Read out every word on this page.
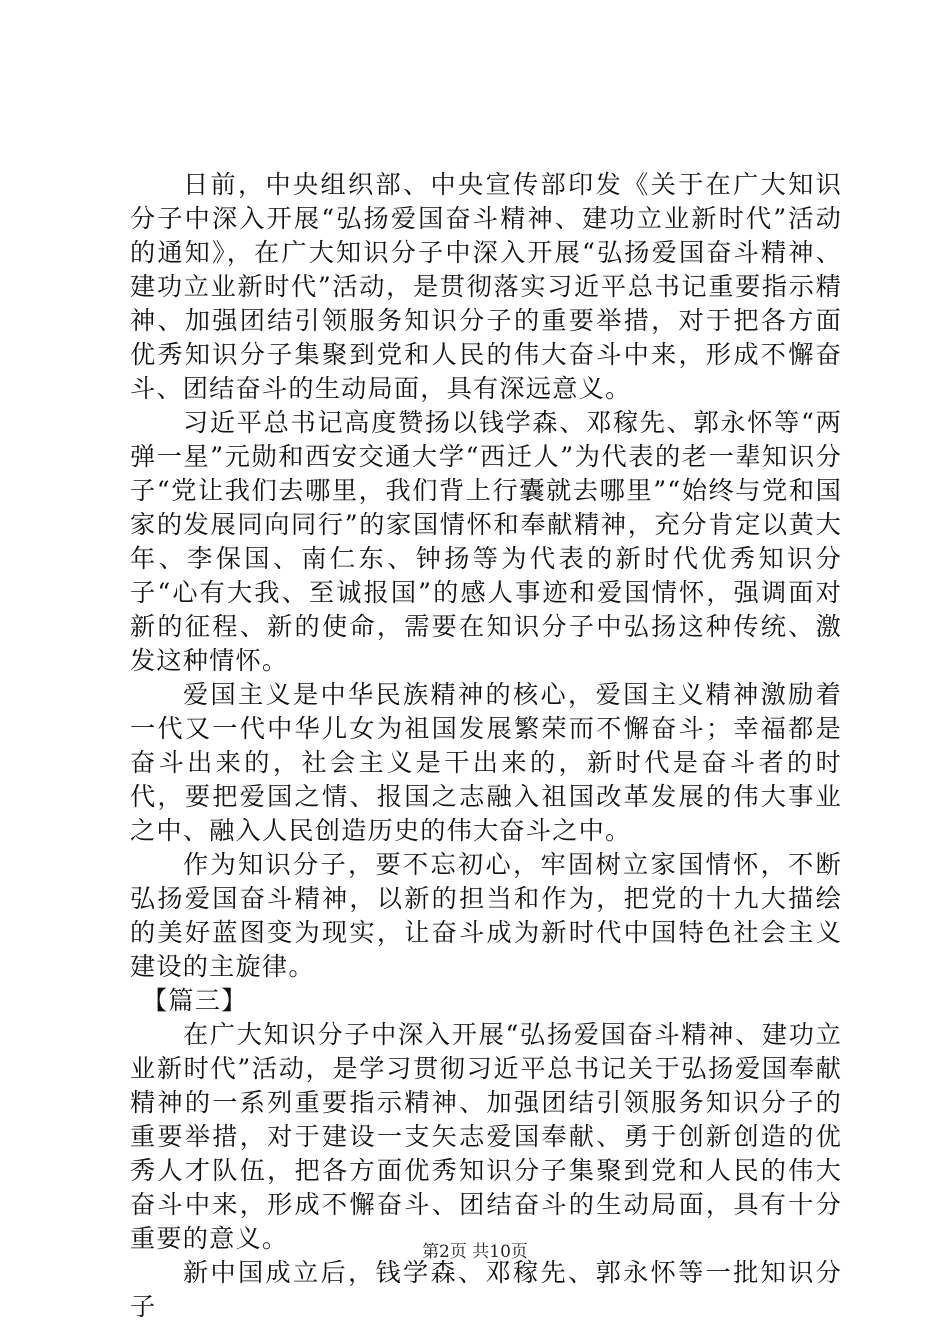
日前，中央组织部、中央宣传部印发《关于在广大知识分子中深入开展“弘扬爱国奋斗精神、建功立业新时代”活动的通知》，在广大知识分子中深入开展“弘扬爱国奋斗精神、建功立业新时代”活动，是贯彻落实习近平总书记重要指示精神、加强团结引领服务知识分子的重要举措，对于把各方面优秀知识分子集聚到党和人民的伟大奋斗中来，形成不懈奋斗、团结奋斗的生动局面，具有深远意义。

习近平总书记高度赞扬以钱学森、邓稼先、郭永怀等“两弹一星”元勋和西安交通大学“西迁人”为代表的老一辈知识分子“党让我们去哪里，我们背上行囊就去哪里”“始终与党和国家的发展同向同行”的家国情怀和奉献精神，充分肯定以黄大年、李保国、南仁东、钟扬等为代表的新时代优秀知识分子“心有大我、至诚报国”的感人事迹和爱国情怀，强调面对新的征程、新的使命，需要在知识分子中弘扬这种传统、激发这种情怀。

爱国主义是中华民族精神的核心，爱国主义精神激励着一代又一代中华儿女为祖国发展繁荣而不懈奋斗；幸福都是奋斗出来的，社会主义是干出来的，新时代是奋斗者的时代，要把爱国之情、报国之志融入祖国改革发展的伟大事业之中、融入人民创造历史的伟大奋斗之中。

作为知识分子，要不忘初心，牢固树立家国情怀，不断弘扬爱国奋斗精神，以新的担当和作为，把党的十九大描绘的美好蓝图变为现实，让奋斗成为新时代中国特色社会主义建设的主旋律。

【篇三】

在广大知识分子中深入开展“弘扬爱国奋斗精神、建功立业新时代”活动，是学习贯彻习近平总书记关于弘扬爱国奉献精神的一系列重要指示精神、加强团结引领服务知识分子的重要举措，对于建设一支矢志爱国奉献、勇于创新创造的优秀人才队伍，把各方面优秀知识分子集聚到党和人民的伟大奋斗中来，形成不懈奋斗、团结奋斗的生动局面，具有十分重要的意义。

新中国成立后，钱学森、邓稼先、郭永怀等一批知识分子

第2页 共10页
